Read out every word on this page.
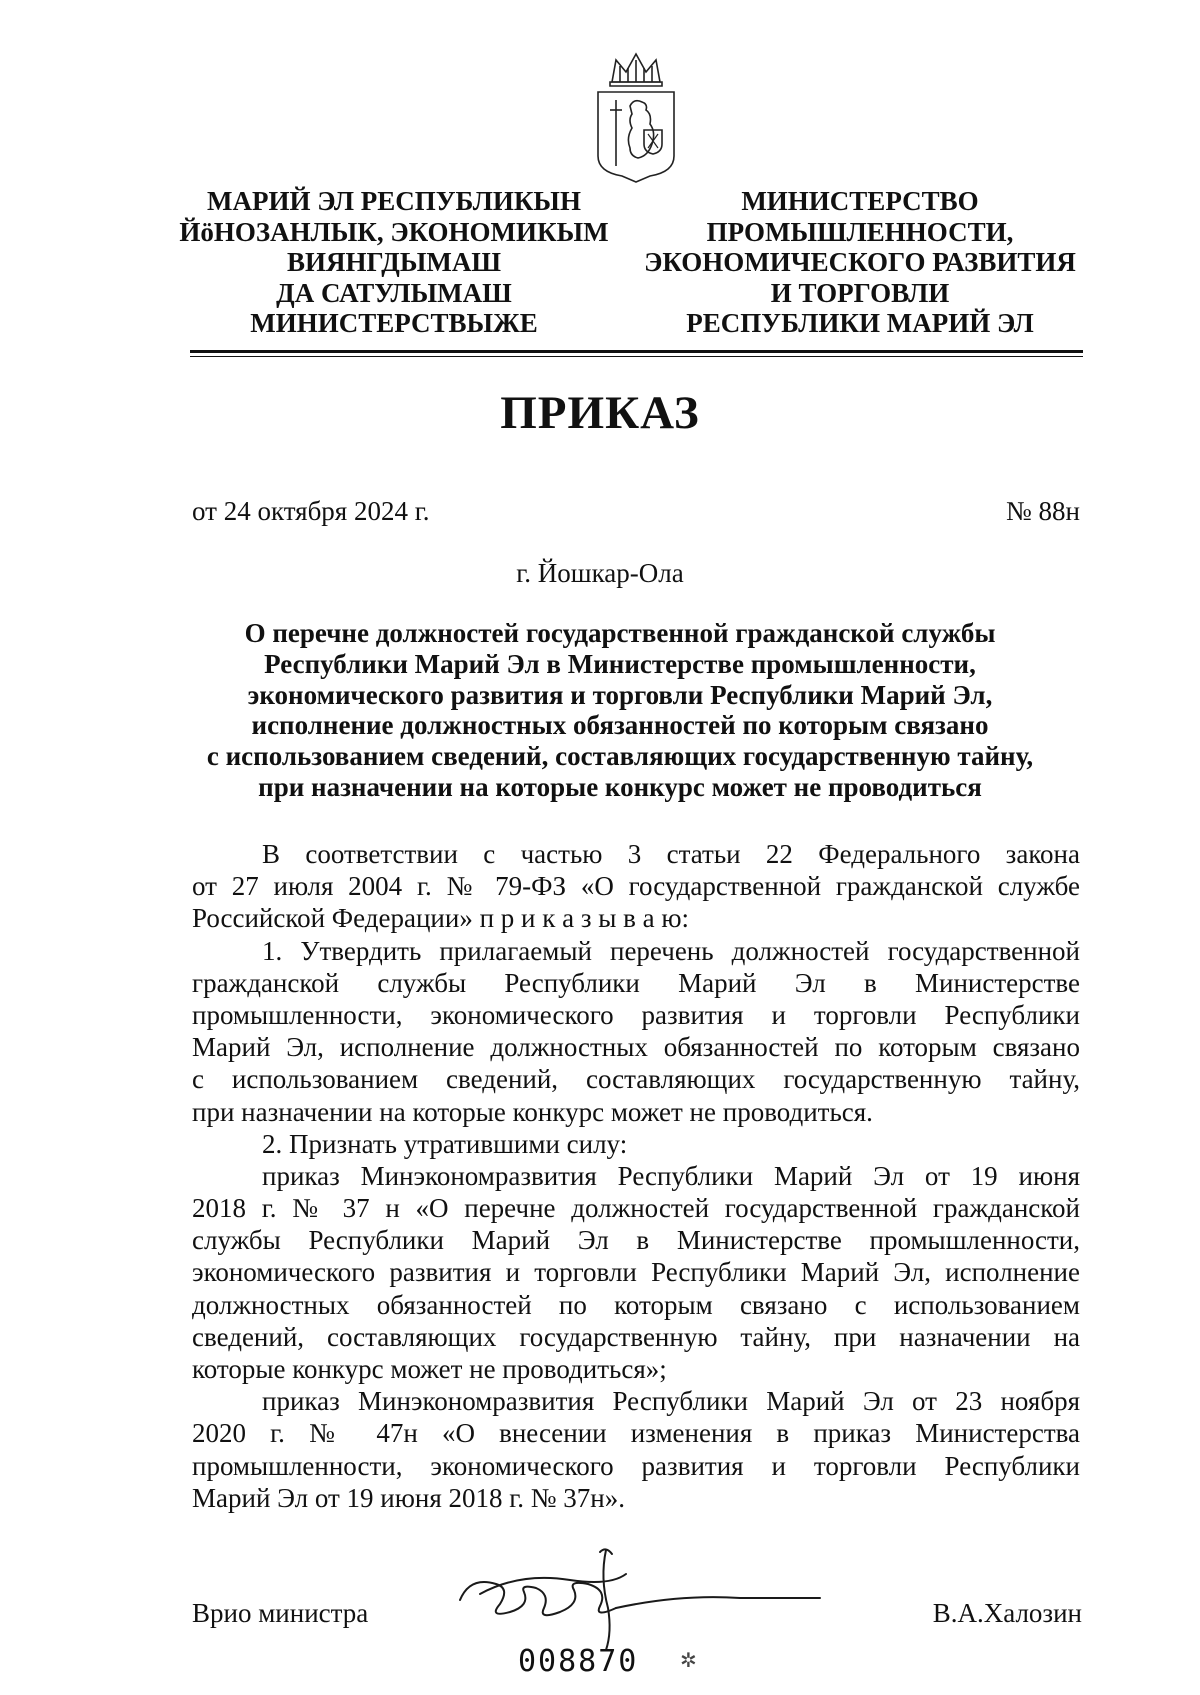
МАРИЙ ЭЛ РЕСПУБЛИКЫН
ЙӧНОЗАНЛЫК, ЭКОНОМИКЫМ
ВИЯНГДЫМАШ
ДА САТУЛЫМАШ
МИНИСТЕРСТВЫЖЕ
МИНИСТЕРСТВО
ПРОМЫШЛЕННОСТИ,
ЭКОНОМИЧЕСКОГО РАЗВИТИЯ
И ТОРГОВЛИ
РЕСПУБЛИКИ МАРИЙ ЭЛ
ПРИКАЗ
от 24 октября 2024 г.	№ 88н
г. Йошкар-Ола
О перечне должностей государственной гражданской службы
Республики Марий Эл в Министерстве промышленности,
экономического развития и торговли Республики Марий Эл,
исполнение должностных обязанностей по которым связано
с использованием сведений, составляющих государственную тайну,
при назначении на которые конкурс может не проводиться
В соответствии с частью 3 статьи 22 Федерального закона
от 27 июля 2004 г. № 79-ФЗ «О государственной гражданской службе
Российской Федерации» п р и к а з ы в а ю:
1. Утвердить прилагаемый перечень должностей государственной
гражданской службы Республики Марий Эл в Министерстве
промышленности, экономического развития и торговли Республики
Марий Эл, исполнение должностных обязанностей по которым связано
с использованием сведений, составляющих государственную тайну,
при назначении на которые конкурс может не проводиться.
2. Признать утратившими силу:
приказ Минэкономразвития Республики Марий Эл от 19 июня
2018 г. № 37 н «О перечне должностей государственной гражданской
службы Республики Марий Эл в Министерстве промышленности,
экономического развития и торговли Республики Марий Эл, исполнение
должностных обязанностей по которым связано с использованием
сведений, составляющих государственную тайну, при назначении на
которые конкурс может не проводиться»;
приказ Минэкономразвития Республики Марий Эл от 23 ноября
2020 г. № 47н «О внесении изменения в приказ Министерства
промышленности, экономического развития и торговли Республики
Марий Эл от 19 июня 2018 г. № 37н».
Врио министра	В.А.Халозин
008870 ✲
